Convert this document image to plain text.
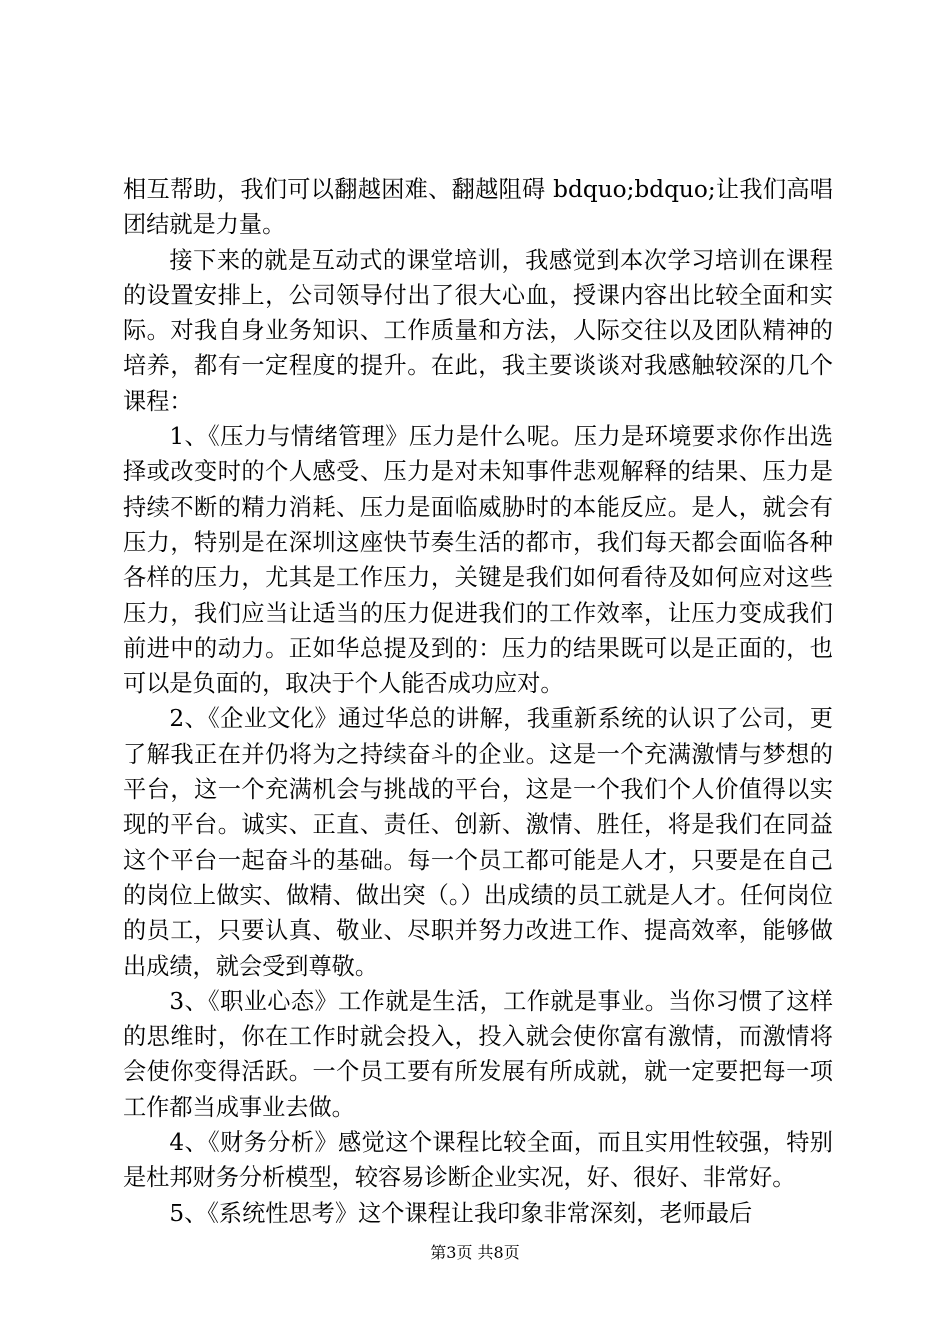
相互帮助，我们可以翻越困难、翻越阻碍 bdquo;bdquo;让我们高唱团结就是力量。

接下来的就是互动式的课堂培训，我感觉到本次学习培训在课程的设置安排上，公司领导付出了很大心血，授课内容出比较全面和实际。对我自身业务知识、工作质量和方法，人际交往以及团队精神的培养，都有一定程度的提升。在此，我主要谈谈对我感触较深的几个课程：

1、《压力与情绪管理》压力是什么呢。压力是环境要求你作出选择或改变时的个人感受、压力是对未知事件悲观解释的结果、压力是持续不断的精力消耗、压力是面临威胁时的本能反应。是人，就会有压力，特别是在深圳这座快节奏生活的都市，我们每天都会面临各种各样的压力，尤其是工作压力，关键是我们如何看待及如何应对这些压力，我们应当让适当的压力促进我们的工作效率，让压力变成我们前进中的动力。正如华总提及到的：压力的结果既可以是正面的，也可以是负面的，取决于个人能否成功应对。

2、《企业文化》通过华总的讲解，我重新系统的认识了公司，更了解我正在并仍将为之持续奋斗的企业。这是一个充满激情与梦想的平台，这一个充满机会与挑战的平台，这是一个我们个人价值得以实现的平台。诚实、正直、责任、创新、激情、胜任，将是我们在同益这个平台一起奋斗的基础。每一个员工都可能是人才，只要是在自己的岗位上做实、做精、做出突（。）出成绩的员工就是人才。任何岗位的员工，只要认真、敬业、尽职并努力改进工作、提高效率，能够做出成绩，就会受到尊敬。

3、《职业心态》工作就是生活，工作就是事业。当你习惯了这样的思维时，你在工作时就会投入，投入就会使你富有激情，而激情将会使你变得活跃。一个员工要有所发展有所成就，就一定要把每一项工作都当成事业去做。

4、《财务分析》感觉这个课程比较全面，而且实用性较强，特别是杜邦财务分析模型，较容易诊断企业实况，好、很好、非常好。

5、《系统性思考》这个课程让我印象非常深刻，老师最后

第3页 共8页
